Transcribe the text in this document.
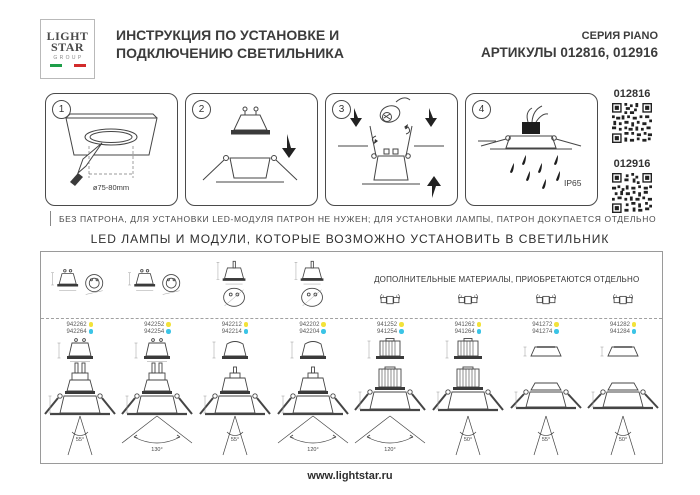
LIGHT
STAR
GROUP
ИНСТРУКЦИЯ ПО УСТАНОВКЕ И
ПОДКЛЮЧЕНИЮ СВЕТИЛЬНИКА
СЕРИЯ PIANO
АРТИКУЛЫ 012816, 012916
1
ø75-80mm
2	3	4
IP65
012816
012916
БЕЗ ПАТРОНА, ДЛЯ УСТАНОВКИ LED-МОДУЛЯ ПАТРОН НЕ НУЖЕН; ДЛЯ УСТАНОВКИ ЛАМПЫ, ПАТРОН ДОКУПАЕТСЯ ОТДЕЛЬНО
LED ЛАМПЫ И МОДУЛИ, КОТОРЫЕ ВОЗМОЖНО УСТАНОВИТЬ В СВЕТИЛЬНИК
ДОПОЛНИТЕЛЬНЫЕ МАТЕРИАЛЫ, ПРИОБРЕТАЮТСЯ ОТДЕЛЬНО
942262
942264
942252
942254
942212
942214
942202
942204
941252
941254
941262
941264
941272
941274
941282
941284
55°
130°
55°
120°	120°
50°	55°	50°
www.lightstar.ru
